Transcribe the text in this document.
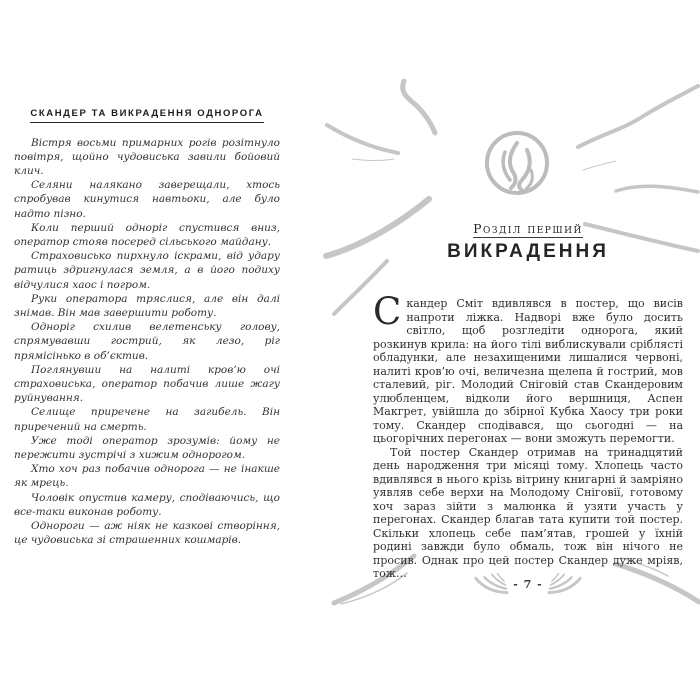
СКАНДЕР ТА ВИКРАДЕННЯ ОДНОРОГА

Вістря восьми примарних рогів розітнуло повітря, щойно чудовиська завили бойовий клич.

Селяни налякано заверещали, хтось спробував кинутися навтьоки, але було надто пізно.

Коли перший одноріг спустився вниз, оператор стояв посеред сільського майдану.

Страховисько пирхнуло іскрами, від удару ратиць здригнулася земля, а в його подиху відчулися хаос і погром.

Руки оператора тряслися, але він далі знімав. Він мав завершити роботу.

Одноріг схилив велетенську голову, спрямувавши гострий, як лезо, ріг прямісінько в об’єктив.

Поглянувши на налиті кров’ю очі страховиська, оператор побачив лише жагу руйнування.

Селище приречене на загибель. Він приречений на смерть.

Уже тоді оператор зрозумів: йому не пережити зустрічі з хижим однорогом.

Хто хоч раз побачив однорога — не інакше як мрець.

Чоловік опустив камеру, сподіваючись, що все-таки виконав роботу.

Однороги — аж ніяк не казкові створіння, це чудовиська зі страшенних кошмарів.

Розділ перший
ВИКРАДЕННЯ

Скандер Сміт вдивлявся в постер, що висів напроти ліжка. Надворі вже було досить світло, щоб розгледіти однорога, який розкинув крила: на його тілі виблискували сріблясті обладунки, але незахищеними лишалися червоні, налиті кров’ю очі, величезна щелепа й гострий, мов сталевий, ріг. Молодий Сніговій став Скандеровим улюбленцем, відколи його вершниця, Аспен Макгрет, увійшла до збірної Кубка Хаосу три роки тому. Скандер сподівався, що сьогодні — на цьогорічних перегонах — вони зможуть перемогти.

Той постер Скандер отримав на тринадцятий день народження три місяці тому. Хлопець часто вдивлявся в нього крізь вітрину книгарні й замріяно уявляв себе верхи на Молодому Сніговії, готовому хоч зараз зійти з малюнка й узяти участь у перегонах. Скандер благав тата купити той постер. Скільки хлопець себе пам’ятав, грошей у їхній родині завжди було обмаль, тож він нічого не просив. Однак про цей постер Скандер дуже мріяв, тож…

- 7 -
